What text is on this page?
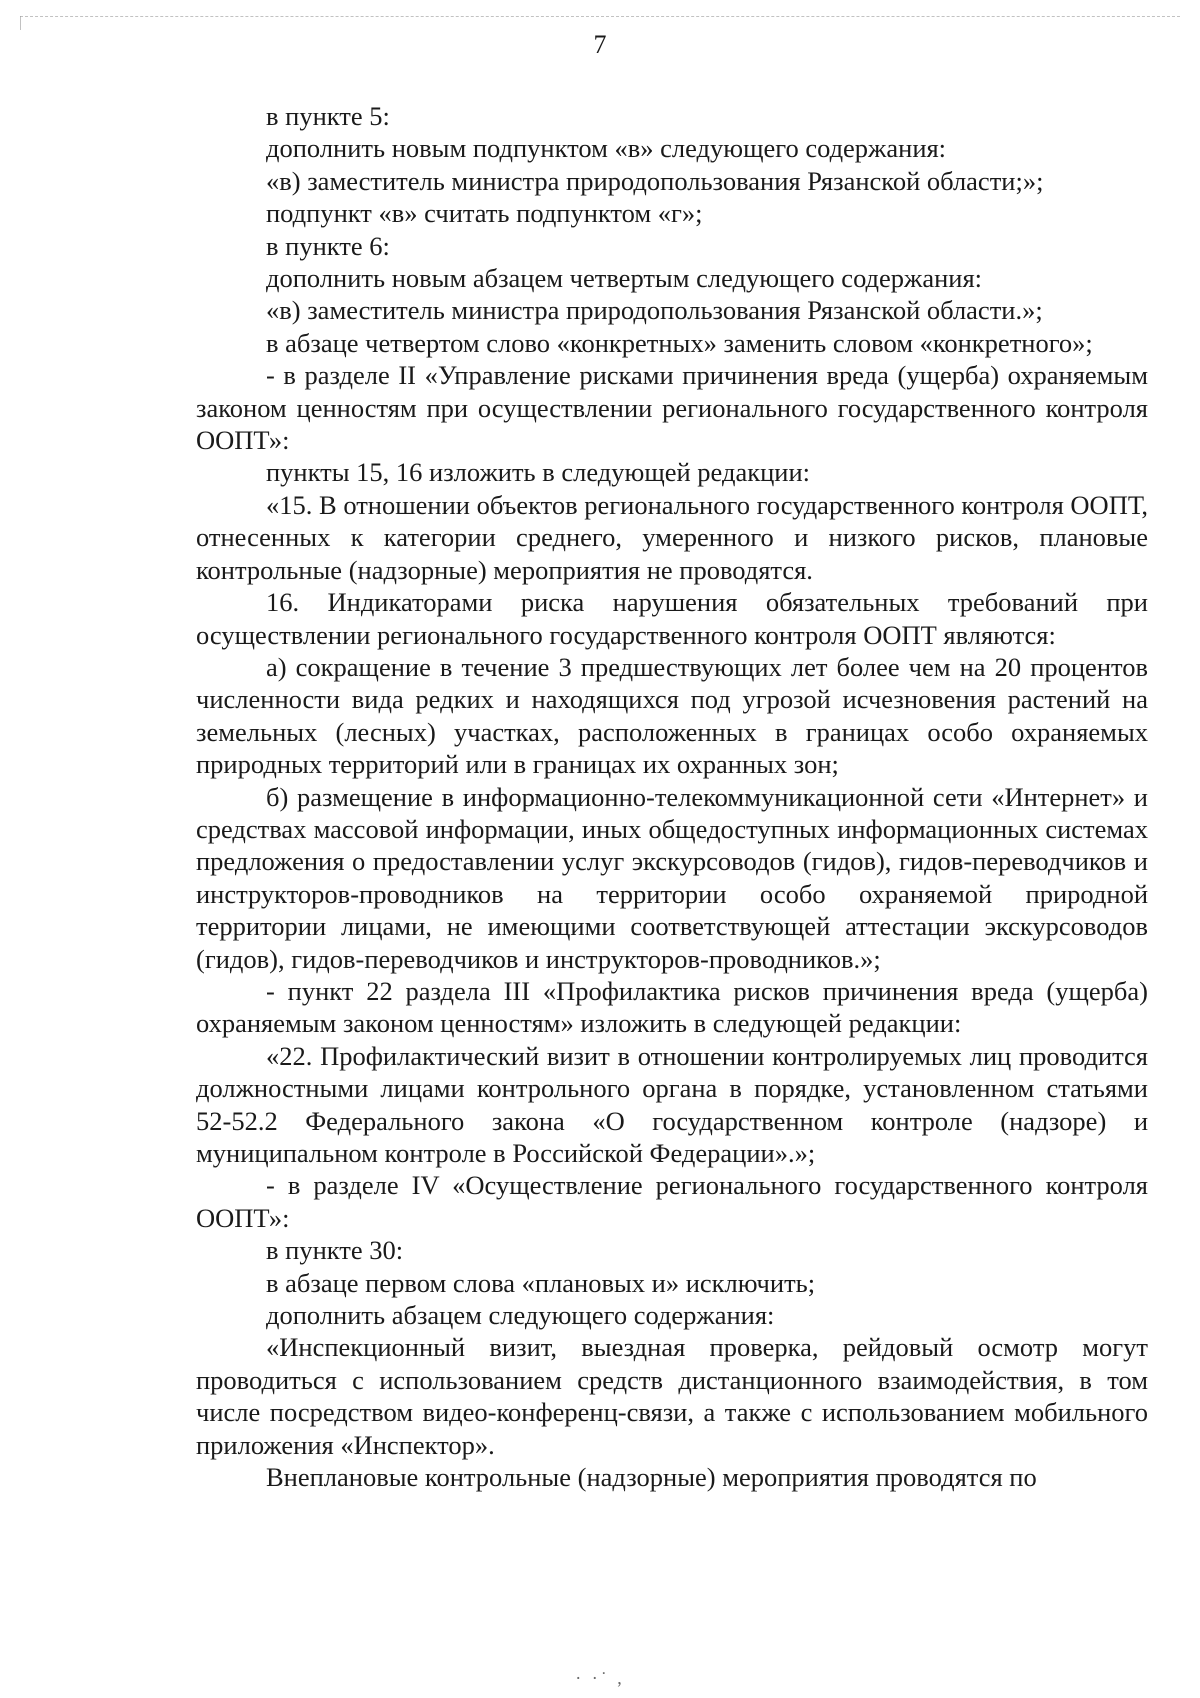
7

в пункте 5:

дополнить новым подпунктом «в» следующего содержания:

«в) заместитель министра природопользования Рязанской области;»;

подпункт «в» считать подпунктом «г»;

в пункте 6:

дополнить новым абзацем четвертым следующего содержания:

«в) заместитель министра природопользования Рязанской области.»;

в абзаце четвертом слово «конкретных» заменить словом «конкретного»;

- в разделе II «Управление рисками причинения вреда (ущерба) охраняемым законом ценностям при осуществлении регионального государственного контроля ООПТ»:

пункты 15, 16 изложить в следующей редакции:

«15. В отношении объектов регионального государственного контроля ООПТ, отнесенных к категории среднего, умеренного и низкого рисков, плановые контрольные (надзорные) мероприятия не проводятся.

16. Индикаторами риска нарушения обязательных требований при осуществлении регионального государственного контроля ООПТ являются:

а) сокращение в течение 3 предшествующих лет более чем на 20 процентов численности вида редких и находящихся под угрозой исчезновения растений на земельных (лесных) участках, расположенных в границах особо охраняемых природных территорий или в границах их охранных зон;

б) размещение в информационно-телекоммуникационной сети «Интернет» и средствах массовой информации, иных общедоступных информационных системах предложения о предоставлении услуг экскурсоводов (гидов), гидов-переводчиков и инструкторов-проводников на территории особо охраняемой природной территории лицами, не имеющими соответствующей аттестации экскурсоводов (гидов), гидов-переводчиков и инструкторов-проводников.»;

- пункт 22 раздела III «Профилактика рисков причинения вреда (ущерба) охраняемым законом ценностям» изложить в следующей редакции:

«22. Профилактический визит в отношении контролируемых лиц проводится должностными лицами контрольного органа в порядке, установленном статьями 52-52.2 Федерального закона «О государственном контроле (надзоре) и муниципальном контроле в Российской Федерации».»;

- в разделе IV «Осуществление регионального государственного контроля ООПТ»:

в пункте 30:

в абзаце первом слова «плановых и» исключить;

дополнить абзацем следующего содержания:

«Инспекционный визит, выездная проверка, рейдовый осмотр могут проводиться с использованием средств дистанционного взаимодействия, в том числе посредством видео-конференц-связи, а также с использованием мобильного приложения «Инспектор».

Внеплановые контрольные (надзорные) мероприятия проводятся по

· ·˙ ,
